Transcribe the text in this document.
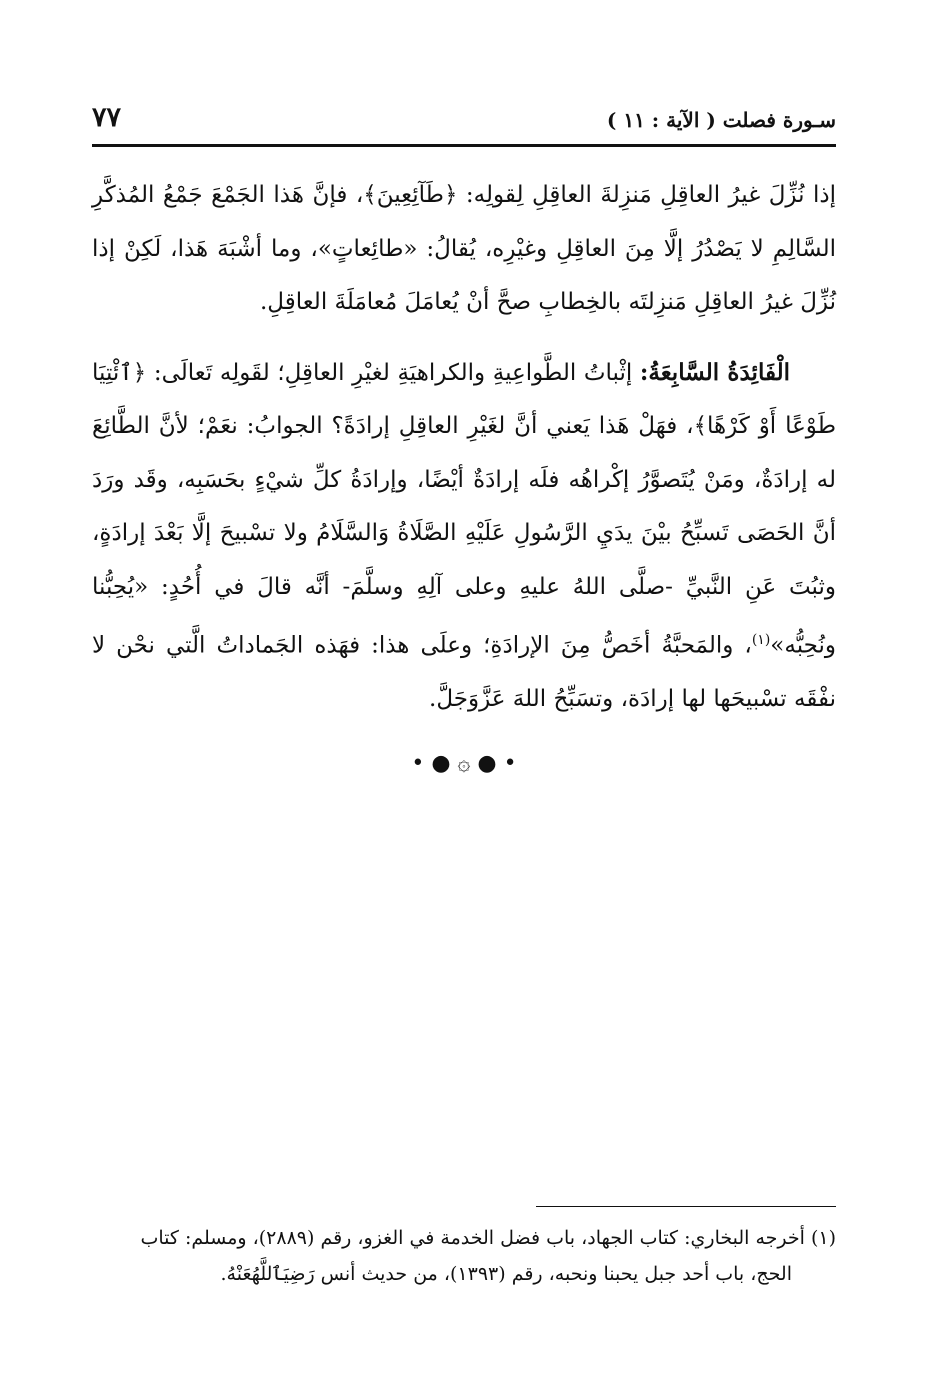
سـورة فصلت ( الآية : ١١ )
٧٧

إذا نُزِّلَ غيرُ العاقِلِ مَنزِلةَ العاقِلِ لِقولِه: ﴿طَآئِعِينَ﴾، فإنَّ هَذا الجَمْعَ جَمْعُ المُذكَّرِ السَّالِمِ لا يَصْدُرُ إلَّا مِنَ العاقِلِ وغيْرِه، يُقالُ: «طائِعاتٍ»، وما أشْبَهَ هَذا، لَكِنْ إذا نُزِّلَ غيرُ العاقِلِ مَنزِلتَه بالخِطابِ صحَّ أنْ يُعامَلَ مُعامَلَةَ العاقِلِ.

الْفَائِدَةُ السَّابِعَةُ: إثْباتُ الطَّواعِيةِ والكراهيَةِ لغيْرِ العاقِلِ؛ لقَولِه تَعالَى: ﴿ٱئْتِيَا طَوْعًا أَوْ كَرْهًا﴾، فهَلْ هَذا يَعني أنَّ لغَيْرِ العاقِلِ إرادَةً؟ الجوابُ: نعَمْ؛ لأنَّ الطَّائِعَ له إرادَةٌ، ومَنْ يُتَصوَّرُ إكْراهُه فلَه إرادَةٌ أيْضًا، وإرادَةُ كلِّ شيْءٍ بحَسَبِه، وقَد ورَدَ أنَّ الحَصَى تَسبِّحُ بيْنَ يدَيِ الرَّسُولِ عَلَيْهِ الصَّلَاةُ وَالسَّلَامُ ولا تسْبيحَ إلَّا بَعْدَ إرادَةٍ، وثبُتَ عَنِ النَّبيِّ -صلَّى اللهُ عليهِ وعلى آلِهِ وسلَّمَ- أنَّه قالَ في أُحُدٍ: «يُحِبُّنا ونُحِبُّه»$^{(١)}$، والمَحبَّةُ أخَصُّ مِنَ الإرادَةِ؛ وعلَى هذا: فهَذه الجَماداتُ الَّتي نحْن لا نفْقَه تسْبيحَها لها إرادَة، وتسَبِّحُ اللهَ عَزَّوَجَلَّ.

• ● ۞ ● •
(١) أخرجه البخاري: كتاب الجهاد، باب فضل الخدمة في الغزو، رقم (٢٨٨٩)، ومسلم: كتاب
الحج، باب أحد جبل يحبنا ونحبه، رقم (١٣٩٣)، من حديث أنس رَضِيَٱللَّهُعَنْهُ.
